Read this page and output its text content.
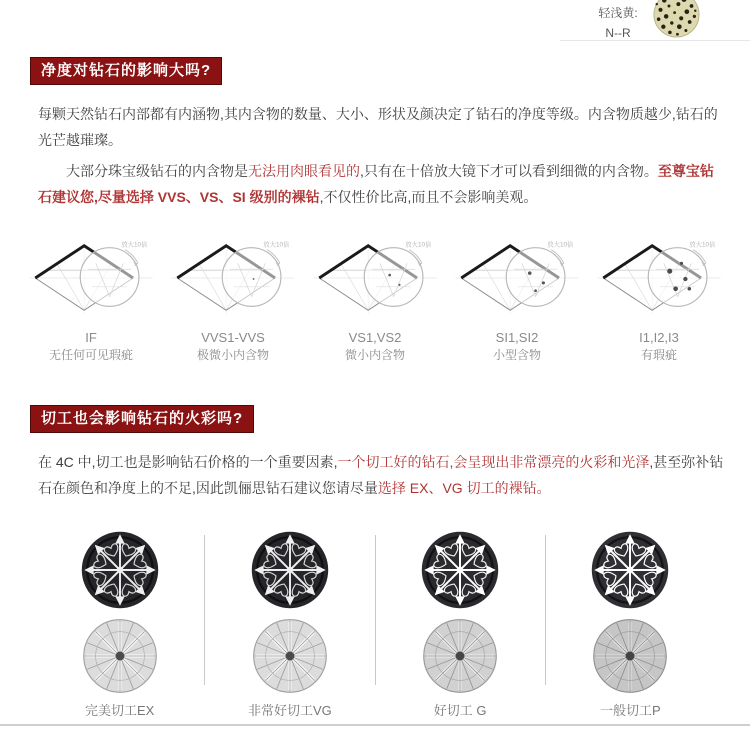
轻浅黄:
N--R
净度对钻石的影响大吗?

每颗天然钻石内部都有内涵物,其内含物的数量、大小、形状及颜决定了钻石的净度等级。内含物质越少,钻石的光芒越璀璨。

大部分珠宝级钻石的内含物是无法用肉眼看见的,只有在十倍放大镜下才可以看到细微的内含物。至尊宝钻石建议您,尽量选择 VVS、VS、SI 级别的裸钻,不仅性价比高,而且不会影响美观。

放大10倍
IF
无任何可见瑕疵
放大10倍
VVS1-VVS
极微小内含物
放大10倍
VS1,VS2
微小内含物
放大10倍
SI1,SI2
小型含物
放大10倍
I1,I2,I3
有瑕疵
切工也会影响钻石的火彩吗?

在 4C 中,切工也是影响钻石价格的一个重要因素,一个切工好的钻石,会呈现出非常漂亮的火彩和光泽,甚至弥补钻石在颜色和净度上的不足,因此凯俪思钻石建议您请尽量选择 EX、VG 切工的裸钻。

完美切工EX	非常好切工VG	好切工 G	一般切工P
